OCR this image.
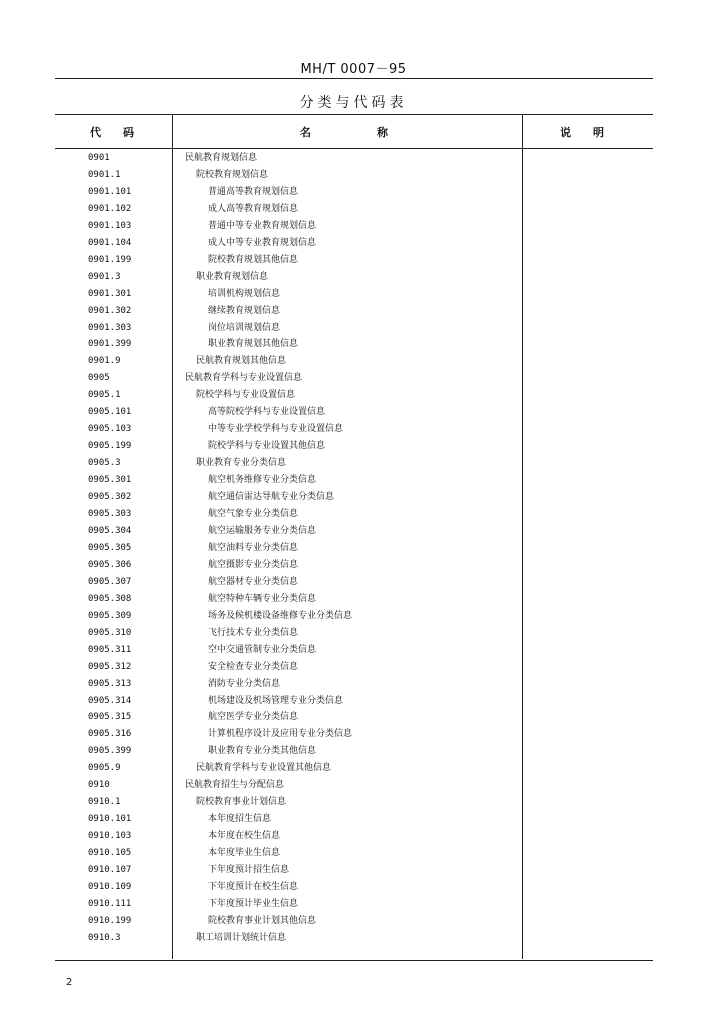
MH/T 0007－95
分类与代码表
代　　码	名　　　　　　称	说　　明
0901	民航教育规划信息
0901.1	院校教育规划信息
0901.101	普通高等教育规划信息
0901.102	成人高等教育规划信息
0901.103	普通中等专业教育规划信息
0901.104	成人中等专业教育规划信息
0901.199	院校教育规划其他信息
0901.3	职业教育规划信息
0901.301	培训机构规划信息
0901.302	继续教育规划信息
0901.303	岗位培训规划信息
0901.399	职业教育规划其他信息
0901.9	民航教育规划其他信息
0905	民航教育学科与专业设置信息
0905.1	院校学科与专业设置信息
0905.101	高等院校学科与专业设置信息
0905.103	中等专业学校学科与专业设置信息
0905.199	院校学科与专业设置其他信息
0905.3	职业教育专业分类信息
0905.301	航空机务维修专业分类信息
0905.302	航空通信雷达导航专业分类信息
0905.303	航空气象专业分类信息
0905.304	航空运输服务专业分类信息
0905.305	航空油料专业分类信息
0905.306	航空摄影专业分类信息
0905.307	航空器材专业分类信息
0905.308	航空特种车辆专业分类信息
0905.309	场务及候机楼设备维修专业分类信息
0905.310	飞行技术专业分类信息
0905.311	空中交通管制专业分类信息
0905.312	安全检查专业分类信息
0905.313	消防专业分类信息
0905.314	机场建设及机场管理专业分类信息
0905.315	航空医学专业分类信息
0905.316	计算机程序设计及应用专业分类信息
0905.399	职业教育专业分类其他信息
0905.9	民航教育学科与专业设置其他信息
0910	民航教育招生与分配信息
0910.1	院校教育事业计划信息
0910.101	本年度招生信息
0910.103	本年度在校生信息
0910.105	本年度毕业生信息
0910.107	下年度预计招生信息
0910.109	下年度预计在校生信息
0910.111	下年度预计毕业生信息
0910.199	院校教育事业计划其他信息
0910.3	职工培训计划统计信息
2
